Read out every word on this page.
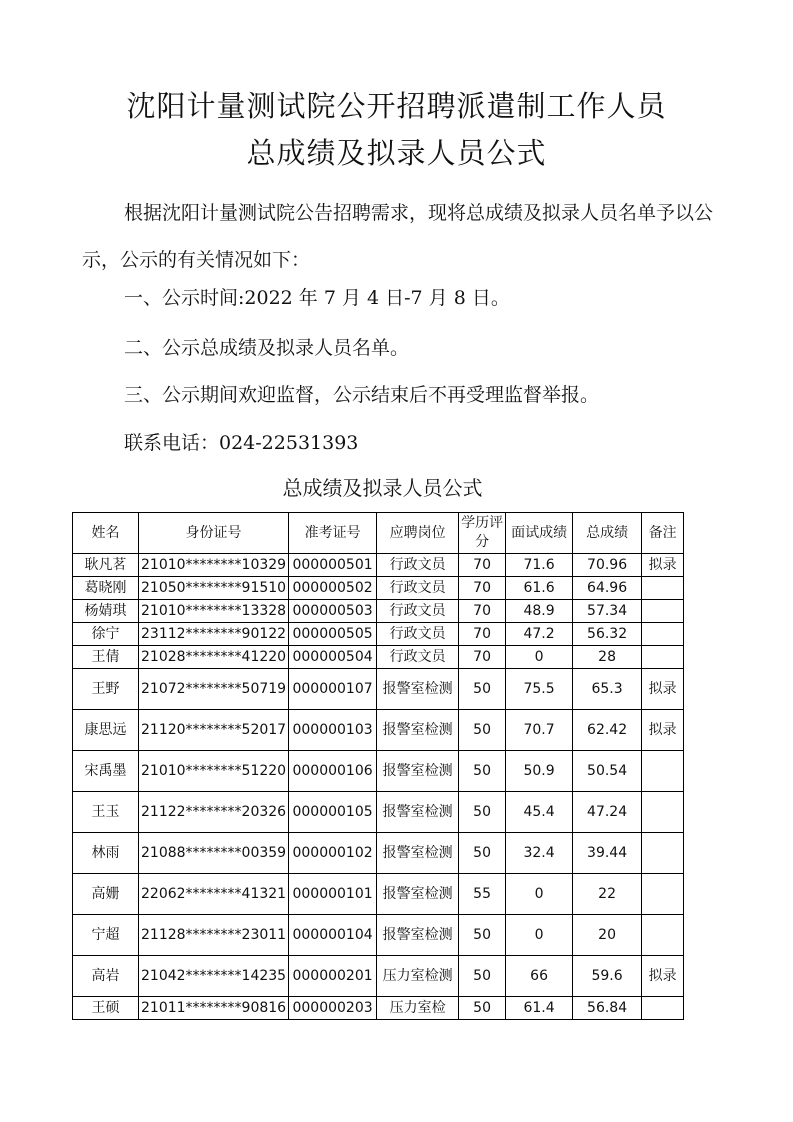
沈阳计量测试院公开招聘派遣制工作人员
总成绩及拟录人员公式
根据沈阳计量测试院公告招聘需求，现将总成绩及拟录人员名单予以公示，公示的有关情况如下：
一、公示时间:2022 年 7 月 4 日-7 月 8 日。
二、公示总成绩及拟录人员名单。
三、公示期间欢迎监督，公示结束后不再受理监督举报。
联系电话：024-22531393
总成绩及拟录人员公式
姓名	身份证号	准考证号	应聘岗位	学历评分	面试成绩	总成绩	备注
耿凡茗	21010********10329	000000501	行政文员	70	71.6	70.96	拟录
葛晓刚	21050********91510	000000502	行政文员	70	61.6	64.96	
杨婧琪	21010********13328	000000503	行政文员	70	48.9	57.34	
徐宁	23112********90122	000000505	行政文员	70	47.2	56.32	
王倩	21028********41220	000000504	行政文员	70	0	28	
王野	21072********50719	000000107	报警室检测	50	75.5	65.3	拟录
康思远	21120********52017	000000103	报警室检测	50	70.7	62.42	拟录
宋禹墨	21010********51220	000000106	报警室检测	50	50.9	50.54	
王玉	21122********20326	000000105	报警室检测	50	45.4	47.24	
林雨	21088********00359	000000102	报警室检测	50	32.4	39.44	
高姗	22062********41321	000000101	报警室检测	55	0	22	
宁超	21128********23011	000000104	报警室检测	50	0	20	
高岩	21042********14235	000000201	压力室检测	50	66	59.6	拟录
王硕	21011********90816	000000203	压力室检	50	61.4	56.84	
